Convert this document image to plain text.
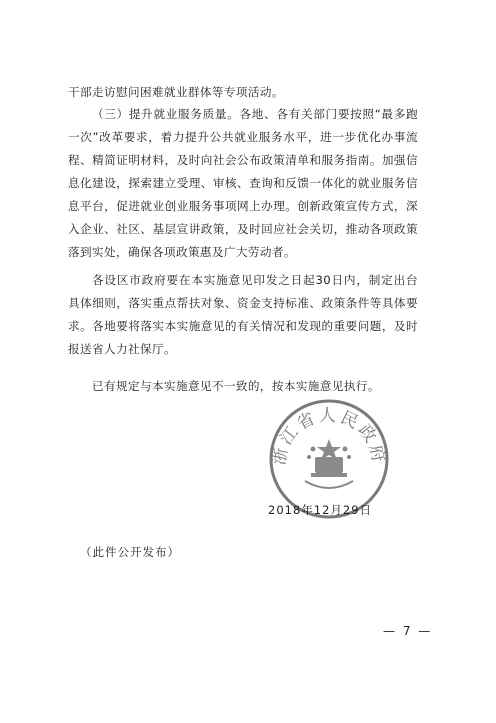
干部走访慰问困难就业群体等专项活动。

（三）提升就业服务质量。各地、各有关部门要按照“最多跑一次”改革要求，着力提升公共就业服务水平，进一步优化办事流程、精简证明材料，及时向社会公布政策清单和服务指南。加强信息化建设，探索建立受理、审核、查询和反馈一体化的就业服务信息平台，促进就业创业服务事项网上办理。创新政策宣传方式，深入企业、社区、基层宣讲政策，及时回应社会关切，推动各项政策落到实处，确保各项政策惠及广大劳动者。

各设区市政府要在本实施意见印发之日起30日内，制定出台具体细则，落实重点帮扶对象、资金支持标准、政策条件等具体要求。各地要将落实本实施意见的有关情况和发现的重要问题，及时报送省人力社保厅。

已有规定与本实施意见不一致的，按本实施意见执行。

浙江省人民政府
2018年12月29日
（此件公开发布）
— 7 —
